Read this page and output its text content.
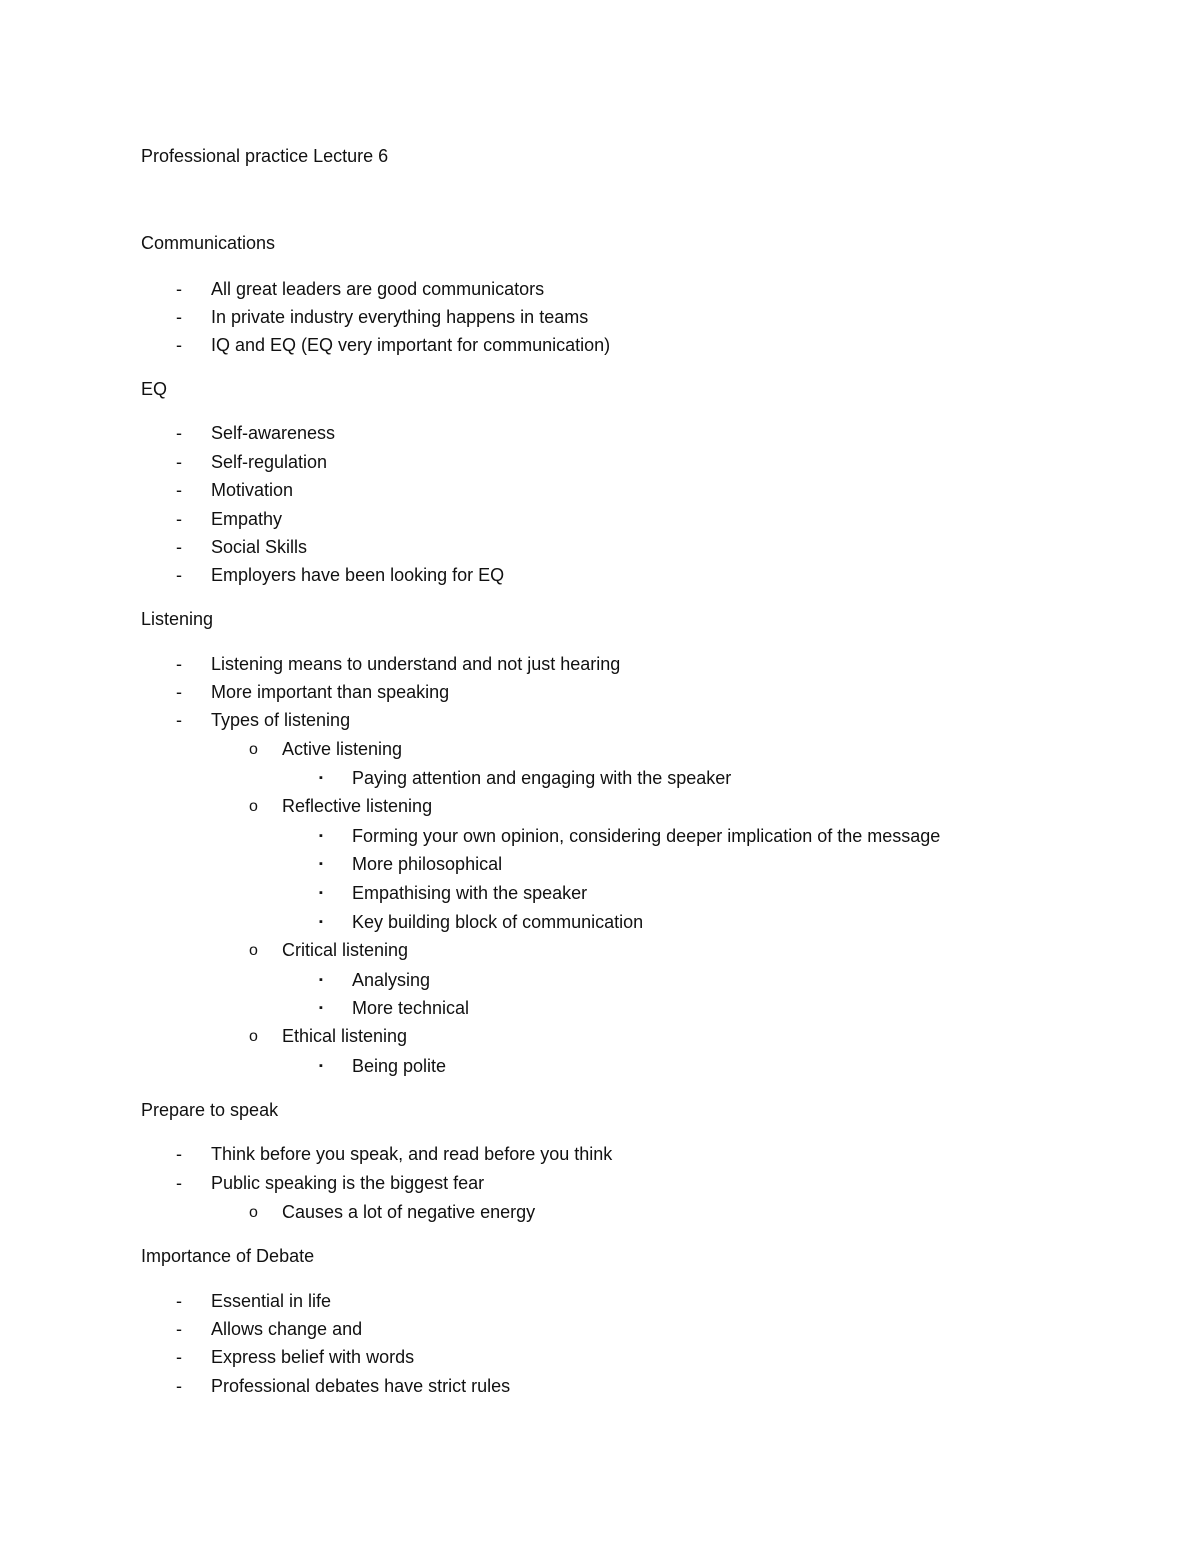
Professional practice Lecture 6
Communications
- All great leaders are good communicators
- In private industry everything happens in teams
- IQ and EQ (EQ very important for communication)
EQ
- Self-awareness
- Self-regulation
- Motivation
- Empathy
- Social Skills
- Employers have been looking for EQ
Listening
- Listening means to understand and not just hearing
- More important than speaking
- Types of listening
o Active listening
▪ Paying attention and engaging with the speaker
o Reflective listening
▪ Forming your own opinion, considering deeper implication of the message
▪ More philosophical
▪ Empathising with the speaker
▪ Key building block of communication
o Critical listening
▪ Analysing
▪ More technical
o Ethical listening
▪ Being polite
Prepare to speak
- Think before you speak, and read before you think
- Public speaking is the biggest fear
o Causes a lot of negative energy
Importance of Debate
- Essential in life
- Allows change and
- Express belief with words
- Professional debates have strict rules
